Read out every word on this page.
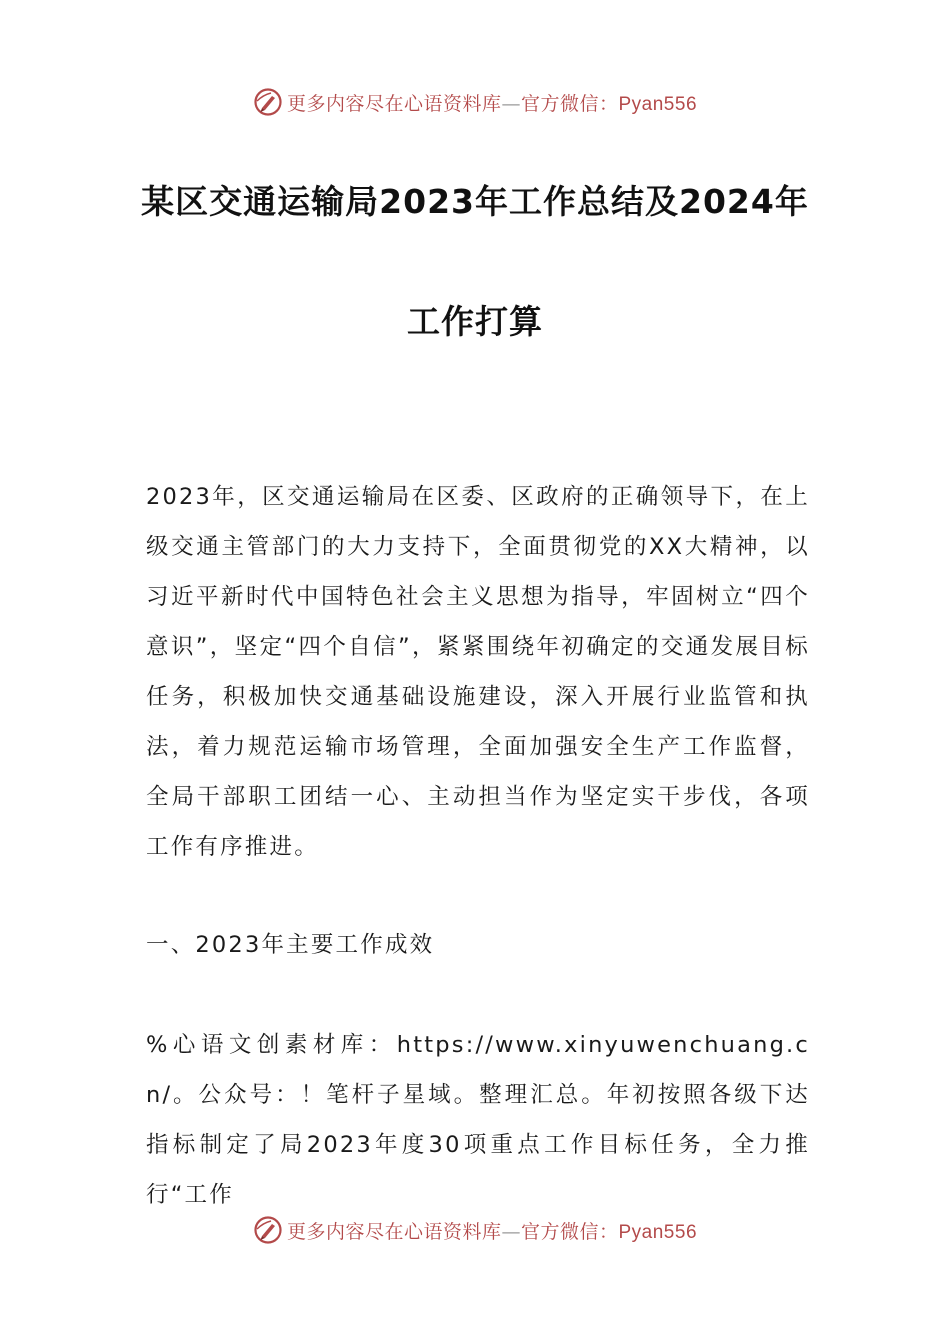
更多内容尽在心语资料库—官方微信：Pyan556
某区交通运输局2023年工作总结及2024年
工作打算
2023年，区交通运输局在区委、区政府的正确领导下，在上级交通主管部门的大力支持下，全面贯彻党的XX大精神，以习近平新时代中国特色社会主义思想为指导，牢固树立“四个意识”，坚定“四个自信”，紧紧围绕年初确定的交通发展目标任务，积极加快交通基础设施建设，深入开展行业监管和执法，着力规范运输市场管理，全面加强安全生产工作监督，全局干部职工团结一心、主动担当作为坚定实干步伐，各项工作有序推进。
一、2023年主要工作成效
%心语文创素材库：https://www.xinyuwenchuang.cn/。公众号：！笔杆子星域。整理汇总。年初按照各级下达指标制定了局2023年度30项重点工作目标任务，全力推行“工作
更多内容尽在心语资料库—官方微信：Pyan556
